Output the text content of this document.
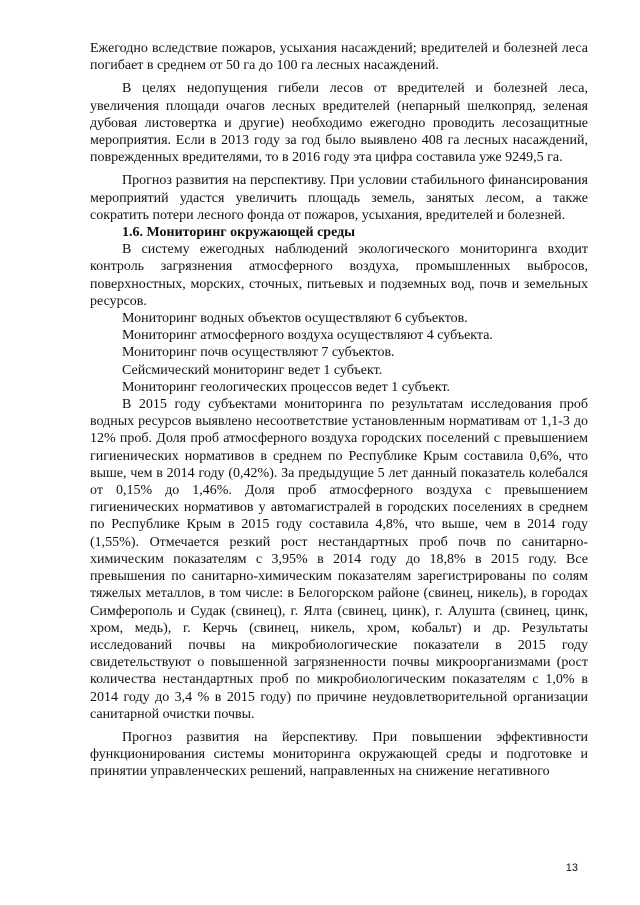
Ежегодно вследствие пожаров, усыхания насаждений; вредителей и болезней леса погибает в среднем от 50 га до 100 га лесных насаждений.

В целях недопущения гибели лесов от вредителей и болезней леса, увеличения площади очагов лесных вредителей (непарный шелкопряд, зеленая дубовая листовертка и другие) необходимо ежегодно проводить лесозащитные мероприятия. Если в 2013 году за год было выявлено 408 га лесных насаждений, поврежденных вредителями, то в 2016 году эта цифра составила уже 9249,5 га.

Прогноз развития на перспективу. При условии стабильного финансирования мероприятий удастся увеличить площадь земель, занятых лесом, а также сократить потери лесного фонда от пожаров, усыхания, вредителей и болезней.

1.6. Мониторинг окружающей среды

В систему ежегодных наблюдений экологического мониторинга входит контроль загрязнения атмосферного воздуха, промышленных выбросов, поверхностных, морских, сточных, питьевых и подземных вод, почв и земельных ресурсов.

Мониторинг водных объектов осуществляют 6 субъектов.

Мониторинг атмосферного воздуха осуществляют 4 субъекта.

Мониторинг почв осуществляют 7 субъектов.

Сейсмический мониторинг ведет 1 субъект.

Мониторинг геологических процессов ведет 1 субъект.

В 2015 году субъектами мониторинга по результатам исследования проб водных ресурсов выявлено несоответствие установленным нормативам от 1,1-3 до 12% проб. Доля проб атмосферного воздуха городских поселений с превышением гигиенических нормативов в среднем по Республике Крым составила 0,6%, что выше, чем в 2014 году (0,42%). За предыдущие 5 лет данный показатель колебался от 0,15% до 1,46%. Доля проб атмосферного воздуха с превышением гигиенических нормативов у автомагистралей в городских поселениях в среднем по Республике Крым в 2015 году составила 4,8%, что выше, чем в 2014 году (1,55%). Отмечается резкий рост нестандартных проб почв по санитарно-химическим показателям с 3,95% в 2014 году до 18,8% в 2015 году. Все превышения по санитарно-химическим показателям зарегистрированы по солям тяжелых металлов, в том числе: в Белогорском районе (свинец, никель), в городах Симферополь и Судак (свинец), г. Ялта (свинец, цинк), г. Алушта (свинец, цинк, хром, медь), г. Керчь (свинец, никель, хром, кобальт) и др. Результаты исследований почвы на микробиологические показатели в 2015 году свидетельствуют о повышенной загрязненности почвы микроорганизмами (рост количества нестандартных проб по микробиологическим показателям с 1,0% в 2014 году до 3,4 % в 2015 году) по причине неудовлетворительной организации санитарной очистки почвы.

Прогноз развития на йерспективу. При повышении эффективности функционирования системы мониторинга окружающей среды и подготовке и принятии управленческих решений, направленных на снижение негативного

13
